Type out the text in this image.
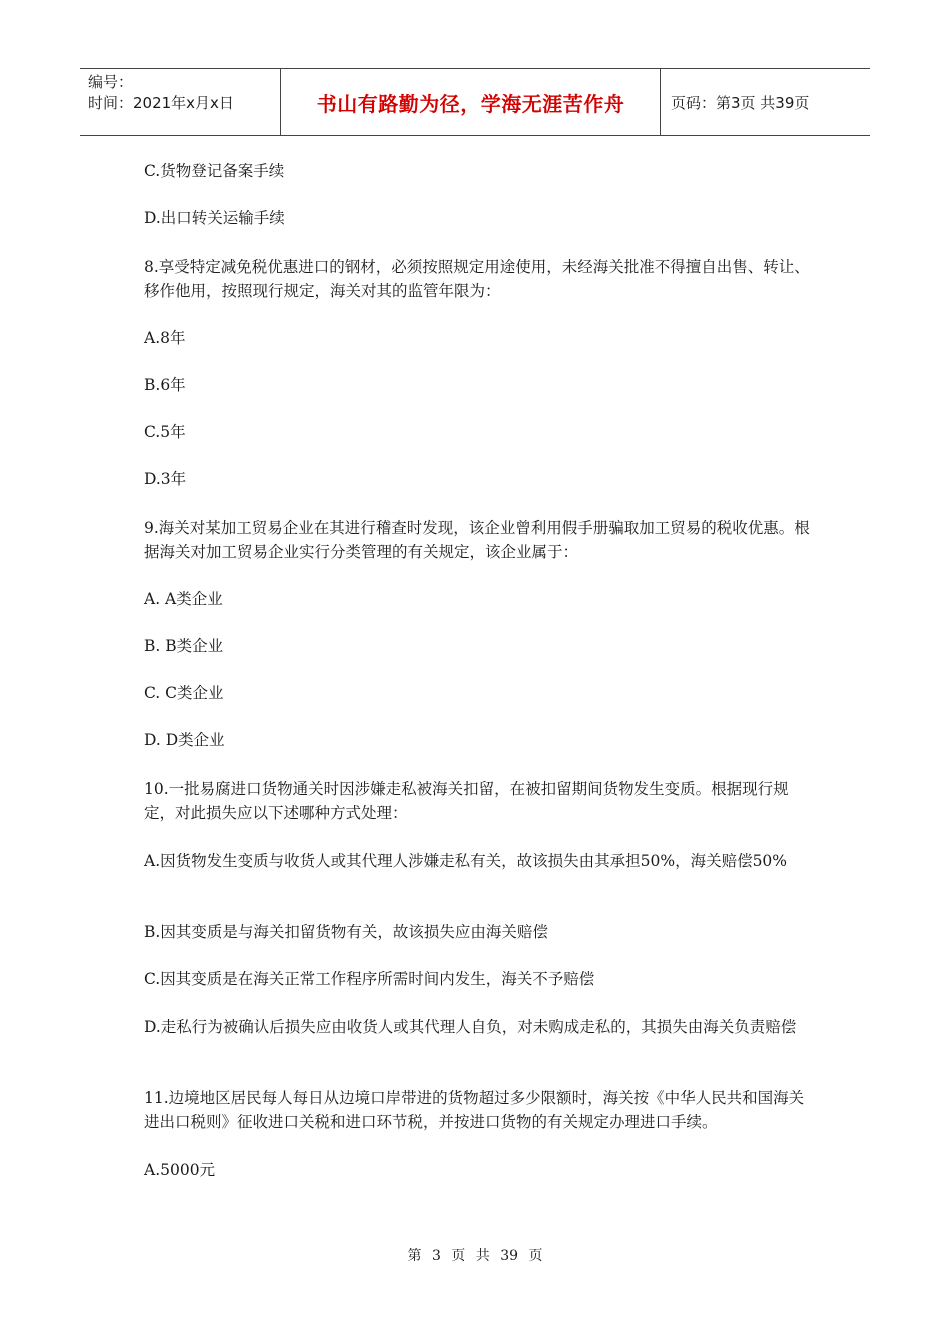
编号：
时间：2021年x月x日	书山有路勤为径，学海无涯苦作舟	页码：第3页 共39页
C.货物登记备案手续
D.出口转关运输手续
8.享受特定减免税优惠进口的钢材，必须按照规定用途使用，未经海关批准不得擅自出售、转让、移作他用，按照现行规定，海关对其的监管年限为：
A.8年
B.6年
C.5年
D.3年
9.海关对某加工贸易企业在其进行稽查时发现，该企业曾利用假手册骗取加工贸易的税收优惠。根据海关对加工贸易企业实行分类管理的有关规定，该企业属于：
A. A类企业
B. B类企业
C. C类企业
D. D类企业
10.一批易腐进口货物通关时因涉嫌走私被海关扣留，在被扣留期间货物发生变质。根据现行规定，对此损失应以下述哪种方式处理：
A.因货物发生变质与收货人或其代理人涉嫌走私有关，故该损失由其承担50%，海关赔偿50%
B.因其变质是与海关扣留货物有关，故该损失应由海关赔偿
C.因其变质是在海关正常工作程序所需时间内发生，海关不予赔偿
D.走私行为被确认后损失应由收货人或其代理人自负，对未购成走私的，其损失由海关负责赔偿
11.边境地区居民每人每日从边境口岸带进的货物超过多少限额时，海关按《中华人民共和国海关进出口税则》征收进口关税和进口环节税，并按进口货物的有关规定办理进口手续。
A.5000元
第 3 页 共 39 页
